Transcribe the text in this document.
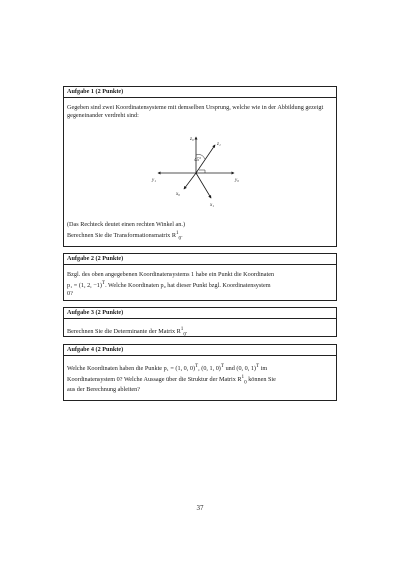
Aufgabe 1 (2 Punkte)

Gegeben sind zwei Koordinatensysteme mit demselben Ursprung, welche wie in der Abbildung gezeigt gegeneinander verdreht sind:

z₀
z₁
45°
y₁	y₀
x₀
x₁

(Das Rechteck deutet einen rechten Winkel an.)

Berechnen Sie die Transformationsmatrix $R^1_0$.

Aufgabe 2 (2 Punkte)

Bzgl. des oben angegebenen Koordinatensystems 1 habe ein Punkt die Koordinaten

p₁ = (1, 2, −1)$^T$. Welche Koordinaten p₀ hat dieser Punkt bzgl. Koordinatensystem

0?

Aufgabe 3 (2 Punkte)

Berechnen Sie die Determinante der Matrix $R^1_0$.

Aufgabe 4 (2 Punkte)

Welche Koordinaten haben die Punkte p₁ = (1, 0, 0)$^T$, (0, 1, 0)$^T$ und (0, 0, 1)$^T$ im

Koordinatensystem 0? Welche Aussage über die Struktur der Matrix $R^1_0$ können Sie

aus der Berechnung ableiten?

37
